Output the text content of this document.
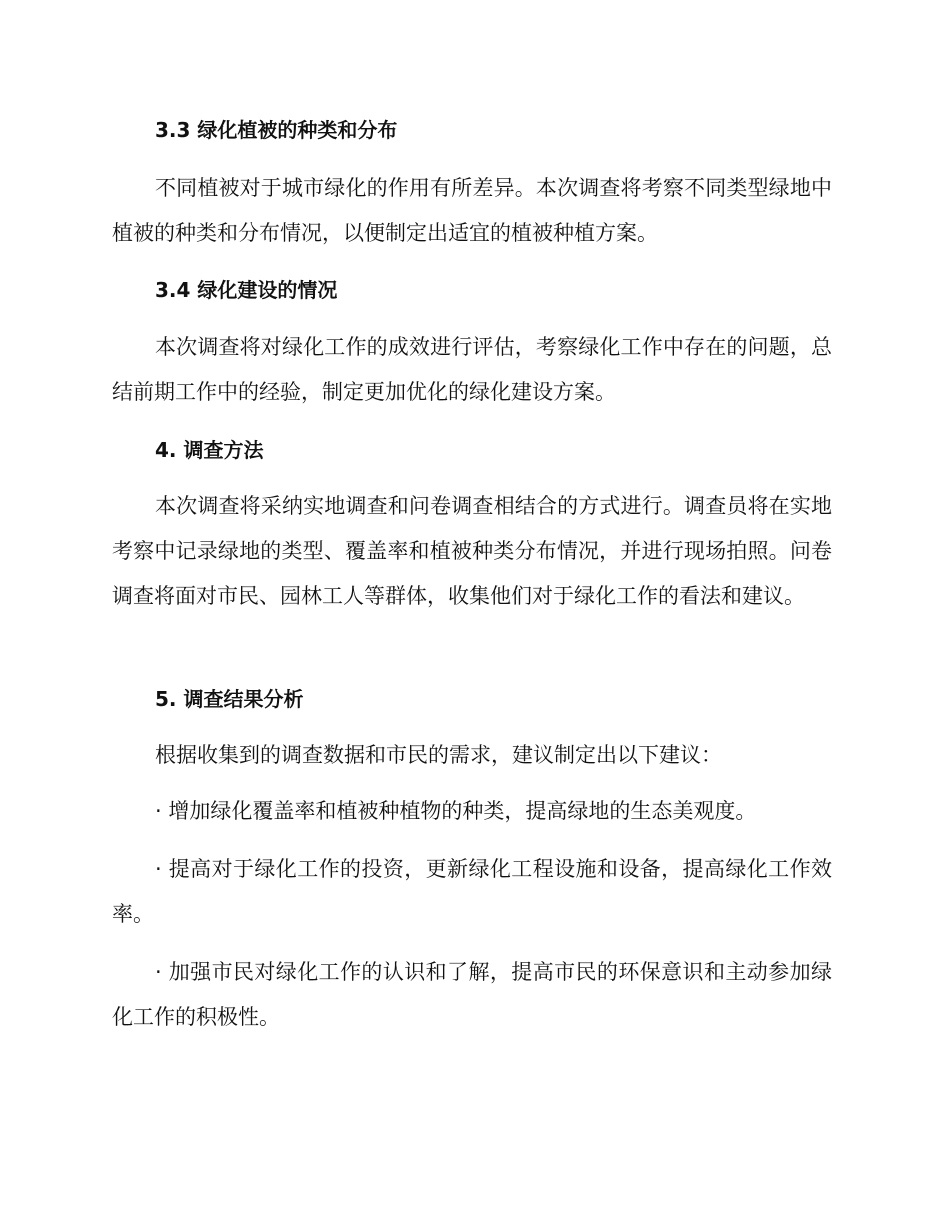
3.3 绿化植被的种类和分布
不同植被对于城市绿化的作用有所差异。本次调查将考察不同类型绿地中植被的种类和分布情况，以便制定出适宜的植被种植方案。
3.4 绿化建设的情况
本次调查将对绿化工作的成效进行评估，考察绿化工作中存在的问题，总结前期工作中的经验，制定更加优化的绿化建设方案。
4. 调查方法
本次调查将采纳实地调查和问卷调查相结合的方式进行。调查员将在实地考察中记录绿地的类型、覆盖率和植被种类分布情况，并进行现场拍照。问卷调查将面对市民、园林工人等群体，收集他们对于绿化工作的看法和建议。
5. 调查结果分析
根据收集到的调查数据和市民的需求，建议制定出以下建议：
· 增加绿化覆盖率和植被种植物的种类，提高绿地的生态美观度。
· 提高对于绿化工作的投资，更新绿化工程设施和设备，提高绿化工作效率。
· 加强市民对绿化工作的认识和了解，提高市民的环保意识和主动参加绿化工作的积极性。
